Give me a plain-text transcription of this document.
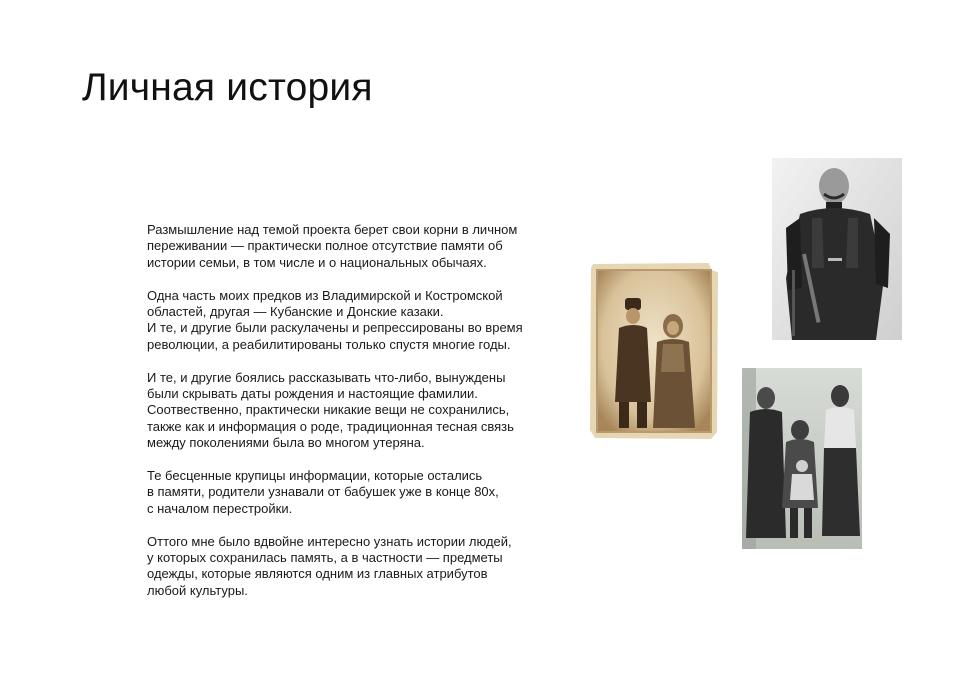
Личная история

Размышление над темой проекта берет свои корни в личном
переживании — практически полное отсутствие памяти об
истории семьи, в том числе и о национальных обычаях.

Одна часть моих предков из Владимирской и Костромской
областей, другая — Кубанские и Донские казаки.
И те, и другие были раскулачены и репрессированы во время
революции, а реабилитированы только спустя многие годы.

И те, и другие боялись рассказывать что-либо, вынуждены
были скрывать даты рождения и настоящие фамилии.
Соотвественно, практически никакие вещи не сохранились,
также как и информация о роде, традиционная тесная связь
между поколениями была во многом утеряна.

Те бесценные крупицы информации, которые остались
в памяти, родители узнавали от бабушек уже в конце 80х,
с началом перестройки.

Оттого мне было вдвойне интересно узнать истории людей,
у которых сохранилась память, а в частности — предметы
одежды, которые являются одним из главных атрибутов
любой культуры.
